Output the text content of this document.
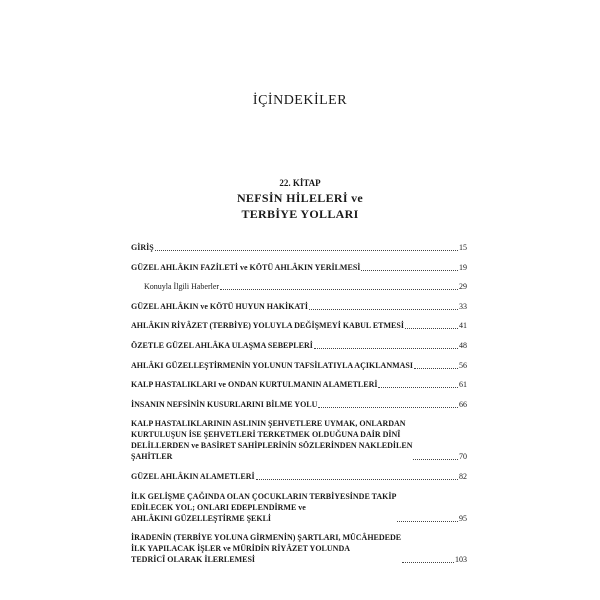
İÇİNDEKİLER
22. KİTAP
NEFSİN HİLELERİ ve
TERBİYE YOLLARI
GİRİŞ	15
GÜZEL AHLÂKIN FAZİLETİ ve KÖTÜ AHLÂKIN YERİLMESİ	19
Konuyla İlgili Haberler	29
GÜZEL AHLÂKIN ve KÖTÜ HUYUN HAKİKATİ	33
AHLÂKIN RİYÂZET (TERBİYE) YOLUYLA DEĞİŞMEYİ KABUL ETMESİ	41
ÖZETLE GÜZEL AHLÂKA ULAŞMA SEBEPLERİ	48
AHLÂKI GÜZELLEŞTİRMENİN YOLUNUN TAFSİLATIYLA AÇIKLANMASI	56
KALP HASTALIKLARI ve ONDAN KURTULMANIN ALAMETLERİ	61
İNSANIN NEFSİNİN KUSURLARINI BİLME YOLU	66
KALP HASTALIKLARININ ASLININ ŞEHVETLERE UYMAK, ONLARDAN
KURTULUŞUN İSE ŞEHVETLERİ TERKETMEK OLDUĞUNA DAİR DİNÎ
DELİLLERDEN ve BASİRET SAHİPLERİNİN SÖZLERİNDEN NAKLEDİLEN
ŞAHİTLER	70
GÜZEL AHLÂKIN ALAMETLERİ	82
İLK GELİŞME ÇAĞINDA OLAN ÇOCUKLARIN TERBİYESİNDE TAKİP
EDİLECEK YOL; ONLARI EDEPLENDİRME ve
AHLÂKINI GÜZELLEŞTİRME ŞEKLİ	95
İRADENİN (TERBİYE YOLUNA GİRMENİN) ŞARTLARI, MÜCÂHEDEDE
İLK YAPILACAK İŞLER ve MÜRİDİN RİYÂZET YOLUNDA
TEDRİCÎ OLARAK İLERLEMESİ	103
